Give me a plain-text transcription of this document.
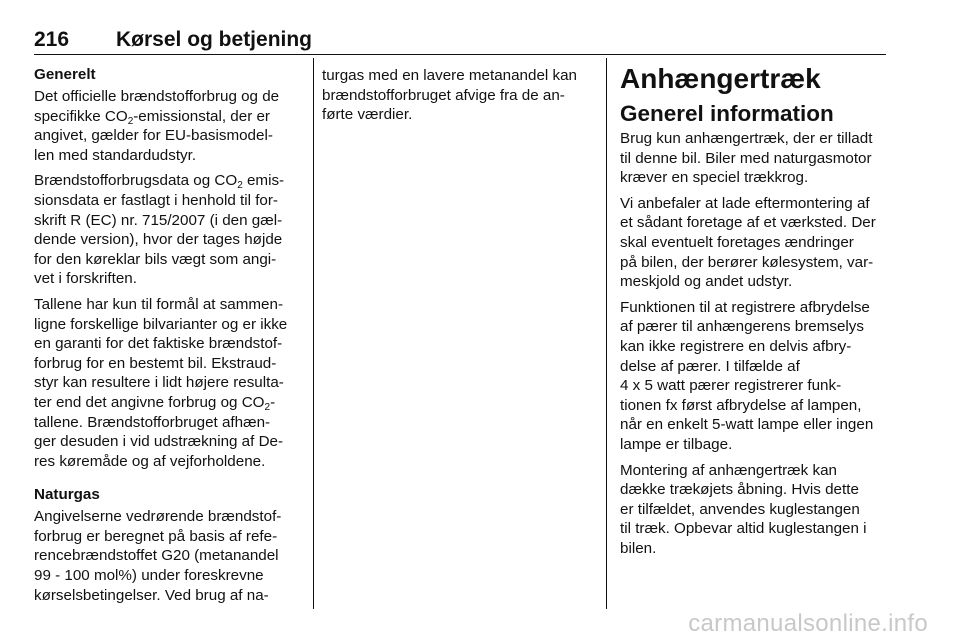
216 Kørsel og betjening
Generelt

Det officielle brændstofforbrug og de
specifikke $CO_2$-emissionstal, der er
angivet, gælder for EU-basismodel-
len med standardudstyr.

Brændstofforbrugsdata og $CO_2$ emis-
sionsdata er fastlagt i henhold til for-
skrift R (EC) nr. 715/2007 (i den gæl-
dende version), hvor der tages højde
for den køreklar bils vægt som angi-
vet i forskriften.

Tallene har kun til formål at sammen-
ligne forskellige bilvarianter og er ikke
en garanti for det faktiske brændstof-
forbrug for en bestemt bil. Ekstraud-
styr kan resultere i lidt højere resulta-
ter end det angivne forbrug og $CO_2-$
tallene. Brændstofforbruget afhæn-
ger desuden i vid udstrækning af De-
res køremåde og af vejforholdene.

Naturgas

Angivelserne vedrørende brændstof-
forbrug er beregnet på basis af refe-
rencebrændstoffet G20 (metanandel
99 - 100 mol%) under foreskrevne
kørselsbetingelser. Ved brug af na-

turgas med en lavere metanandel kan
brændstofforbruget afvige fra de an-
førte værdier.

Anhængertræk
Generel information

Brug kun anhængertræk, der er tilladt
til denne bil. Biler med naturgasmotor
kræver en speciel trækkrog.

Vi anbefaler at lade eftermontering af
et sådant foretage af et værksted. Der
skal eventuelt foretages ændringer
på bilen, der berører kølesystem, var-
meskjold og andet udstyr.

Funktionen til at registrere afbrydelse
af pærer til anhængerens bremselys
kan ikke registrere en delvis afbry-
delse af pærer. I tilfælde af
4 x 5 watt pærer registrerer funk-
tionen fx først afbrydelse af lampen,
når en enkelt 5-watt lampe eller ingen
lampe er tilbage.

Montering af anhængertræk kan
dække trækøjets åbning. Hvis dette
er tilfældet, anvendes kuglestangen
til træk. Opbevar altid kuglestangen i
bilen.

carmanualsonline.info
